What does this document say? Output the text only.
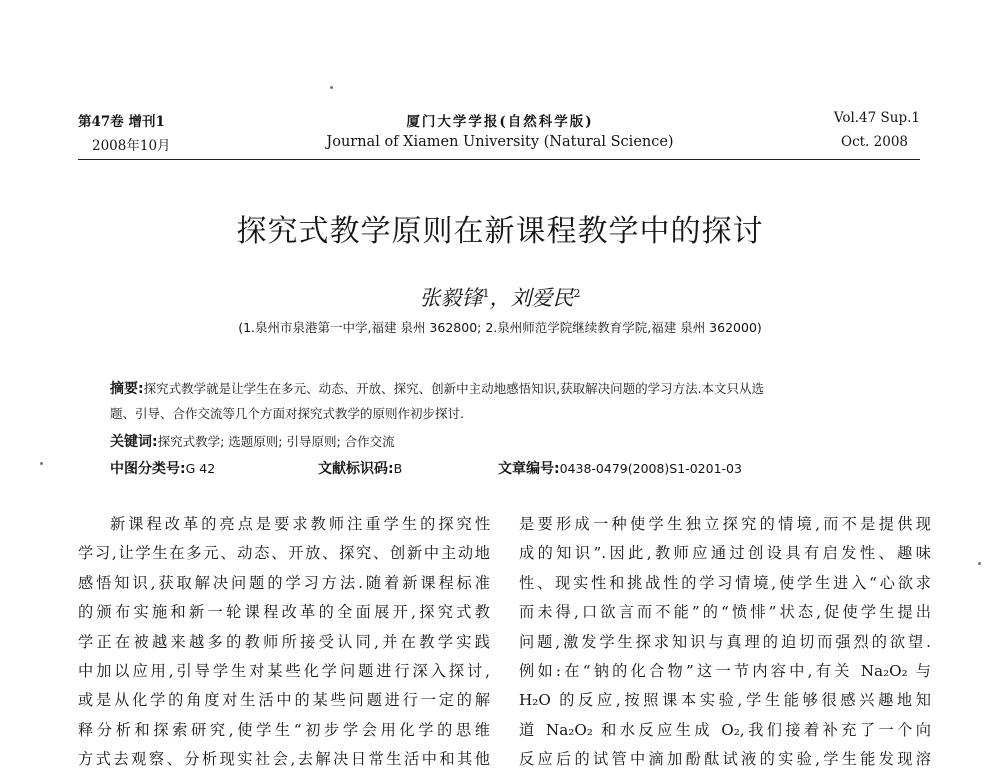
第47卷 增刊1
2008年10月
厦门大学学报(自然科学版)
Journal of Xiamen University (Natural Science)
Vol.47 Sup.1
Oct. 2008
探究式教学原则在新课程教学中的探讨
张毅锋$^1$，刘爱民$^2$
(1.泉州市泉港第一中学,福建 泉州 362800; 2.泉州师范学院继续教育学院,福建 泉州 362000)
摘要:探究式教学就是让学生在多元、动态、开放、探究、创新中主动地感悟知识,获取解决问题的学习方法.本文只从选
题、引导、合作交流等几个方面对探究式教学的原则作初步探讨.
关键词:探究式教学; 选题原则; 引导原则; 合作交流
中图分类号:G 42	文献标识码:B	文章编号:0438-0479(2008)S1-0201-03
新课程改革的亮点是要求教师注重学生的探究性
学习,让学生在多元、动态、开放、探究、创新中主动地
感悟知识,获取解决问题的学习方法.随着新课程标准
的颁布实施和新一轮课程改革的全面展开,探究式教
学正在被越来越多的教师所接受认同,并在教学实践
中加以应用,引导学生对某些化学问题进行深入探讨,
或是从化学的角度对生活中的某些问题进行一定的解
释分析和探索研究,使学生“初步学会用化学的思维
方式去观察、分析现实社会,去解决日常生活中和其他
是要形成一种使学生独立探究的情境,而不是提供现
成的知识”.因此,教师应通过创设具有启发性、趣味
性、现实性和挑战性的学习情境,使学生进入“心欲求
而未得,口欲言而不能”的“愤悱”状态,促使学生提出
问题,激发学生探求知识与真理的迫切而强烈的欲望.
例如:在“钠的化合物”这一节内容中,有关 Na₂O₂ 与
H₂O 的反应,按照课本实验,学生能够很感兴趣地知
道 Na₂O₂ 和水反应生成 O₂,我们接着补充了一个向
反应后的试管中滴加酚酞试液的实验,学生能发现溶
